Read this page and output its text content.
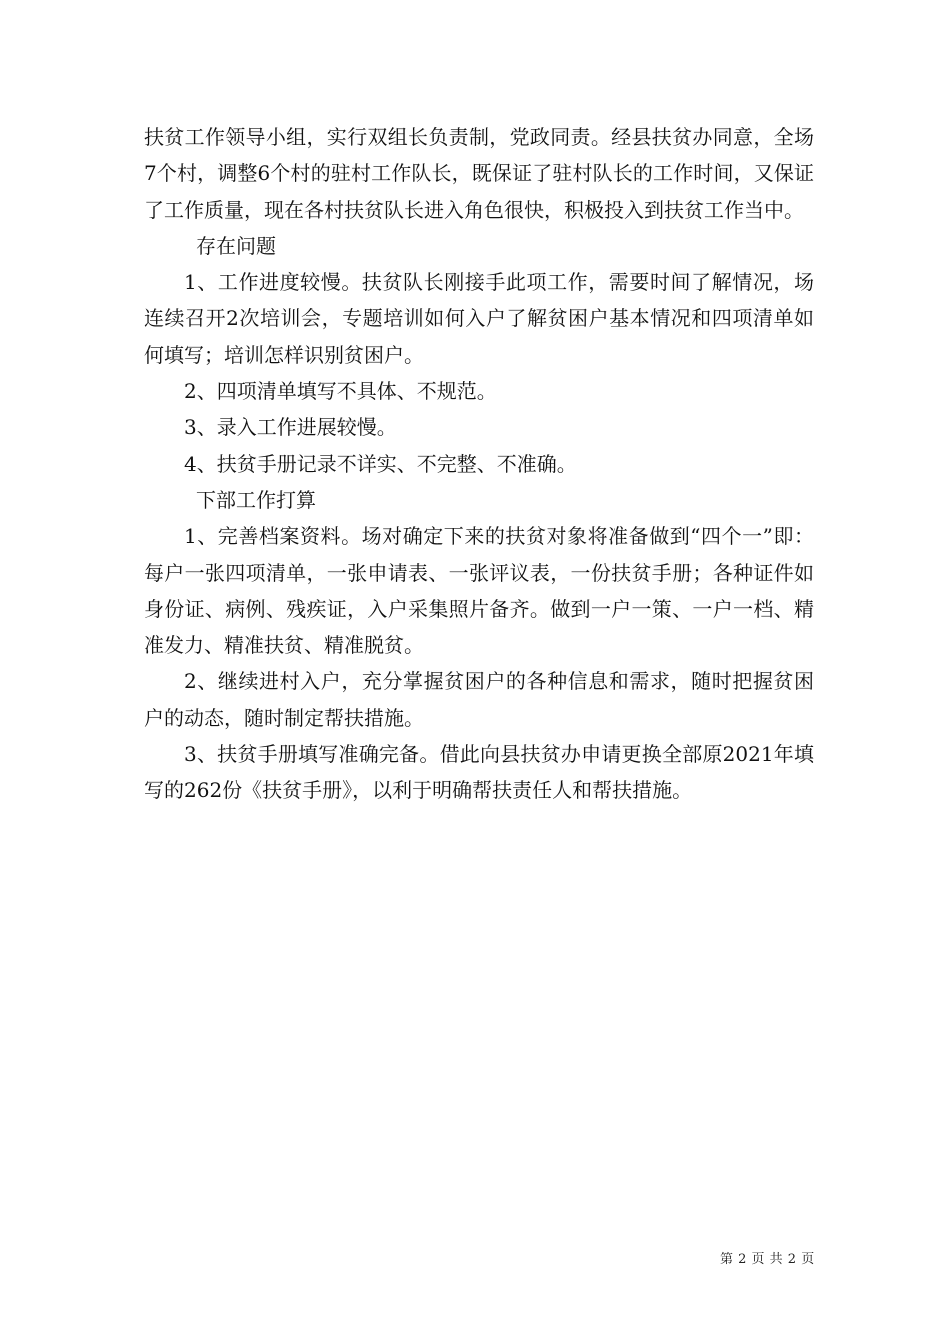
扶贫工作领导小组，实行双组长负责制，党政同责。经县扶贫办同意，全场7个村，调整6个村的驻村工作队长，既保证了驻村队长的工作时间，又保证了工作质量，现在各村扶贫队长进入角色很快，积极投入到扶贫工作当中。

存在问题

1、工作进度较慢。扶贫队长刚接手此项工作，需要时间了解情况，场连续召开2次培训会，专题培训如何入户了解贫困户基本情况和四项清单如何填写；培训怎样识别贫困户。

2、四项清单填写不具体、不规范。

3、录入工作进展较慢。

4、扶贫手册记录不详实、不完整、不准确。

下部工作打算

1、完善档案资料。场对确定下来的扶贫对象将准备做到“四个一”即：每户一张四项清单，一张申请表、一张评议表，一份扶贫手册；各种证件如身份证、病例、残疾证，入户采集照片备齐。做到一户一策、一户一档、精准发力、精准扶贫、精准脱贫。

2、继续进村入户，充分掌握贫困户的各种信息和需求，随时把握贫困户的动态，随时制定帮扶措施。

3、扶贫手册填写准确完备。借此向县扶贫办申请更换全部原2021年填写的262份《扶贫手册》，以利于明确帮扶责任人和帮扶措施。

第 2 页 共 2 页
